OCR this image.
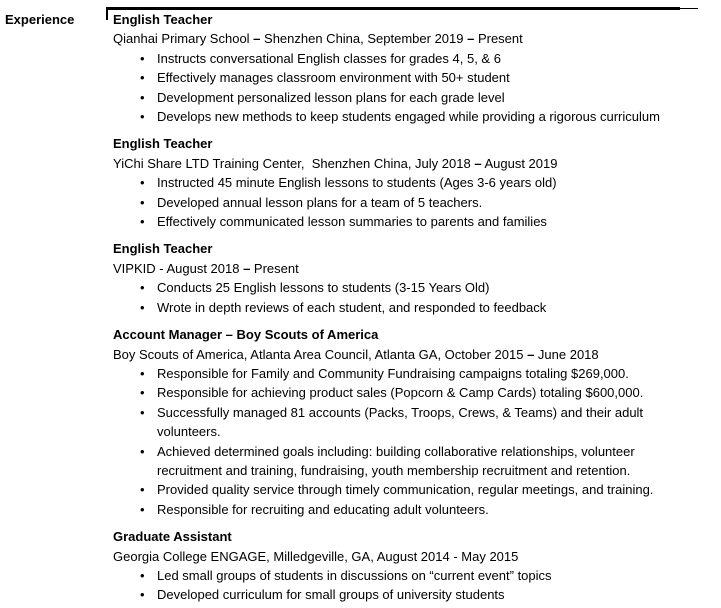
Experience	English Teacher

Qianhai Primary School – Shenzhen China, September 2019 – Present

• Instructs conversational English classes for grades 4, 5, & 6
• Effectively manages classroom environment with 50+ student
• Development personalized lesson plans for each grade level
• Develops new methods to keep students engaged while providing a rigorous curriculum
English Teacher

YiChi Share LTD Training Center,  Shenzhen China, July 2018 – August 2019

• Instructed 45 minute English lessons to students (Ages 3-6 years old)
• Developed annual lesson plans for a team of 5 teachers.
• Effectively communicated lesson summaries to parents and families
English Teacher

VIPKID - August 2018 – Present

• Conducts 25 English lessons to students (3-15 Years Old)
• Wrote in depth reviews of each student, and responded to feedback
Account Manager – Boy Scouts of America

Boy Scouts of America, Atlanta Area Council, Atlanta GA, October 2015 – June 2018

• Responsible for Family and Community Fundraising campaigns totaling $269,000.
• Responsible for achieving product sales (Popcorn & Camp Cards) totaling $600,000.
• Successfully managed 81 accounts (Packs, Troops, Crews, & Teams) and their adult volunteers.
• Achieved determined goals including: building collaborative relationships, volunteer recruitment and training, fundraising, youth membership recruitment and retention.
• Provided quality service through timely communication, regular meetings, and training.
• Responsible for recruiting and educating adult volunteers.
Graduate Assistant

Georgia College ENGAGE, Milledgeville, GA, August 2014 - May 2015

• Led small groups of students in discussions on “current event” topics
• Developed curriculum for small groups of university students
